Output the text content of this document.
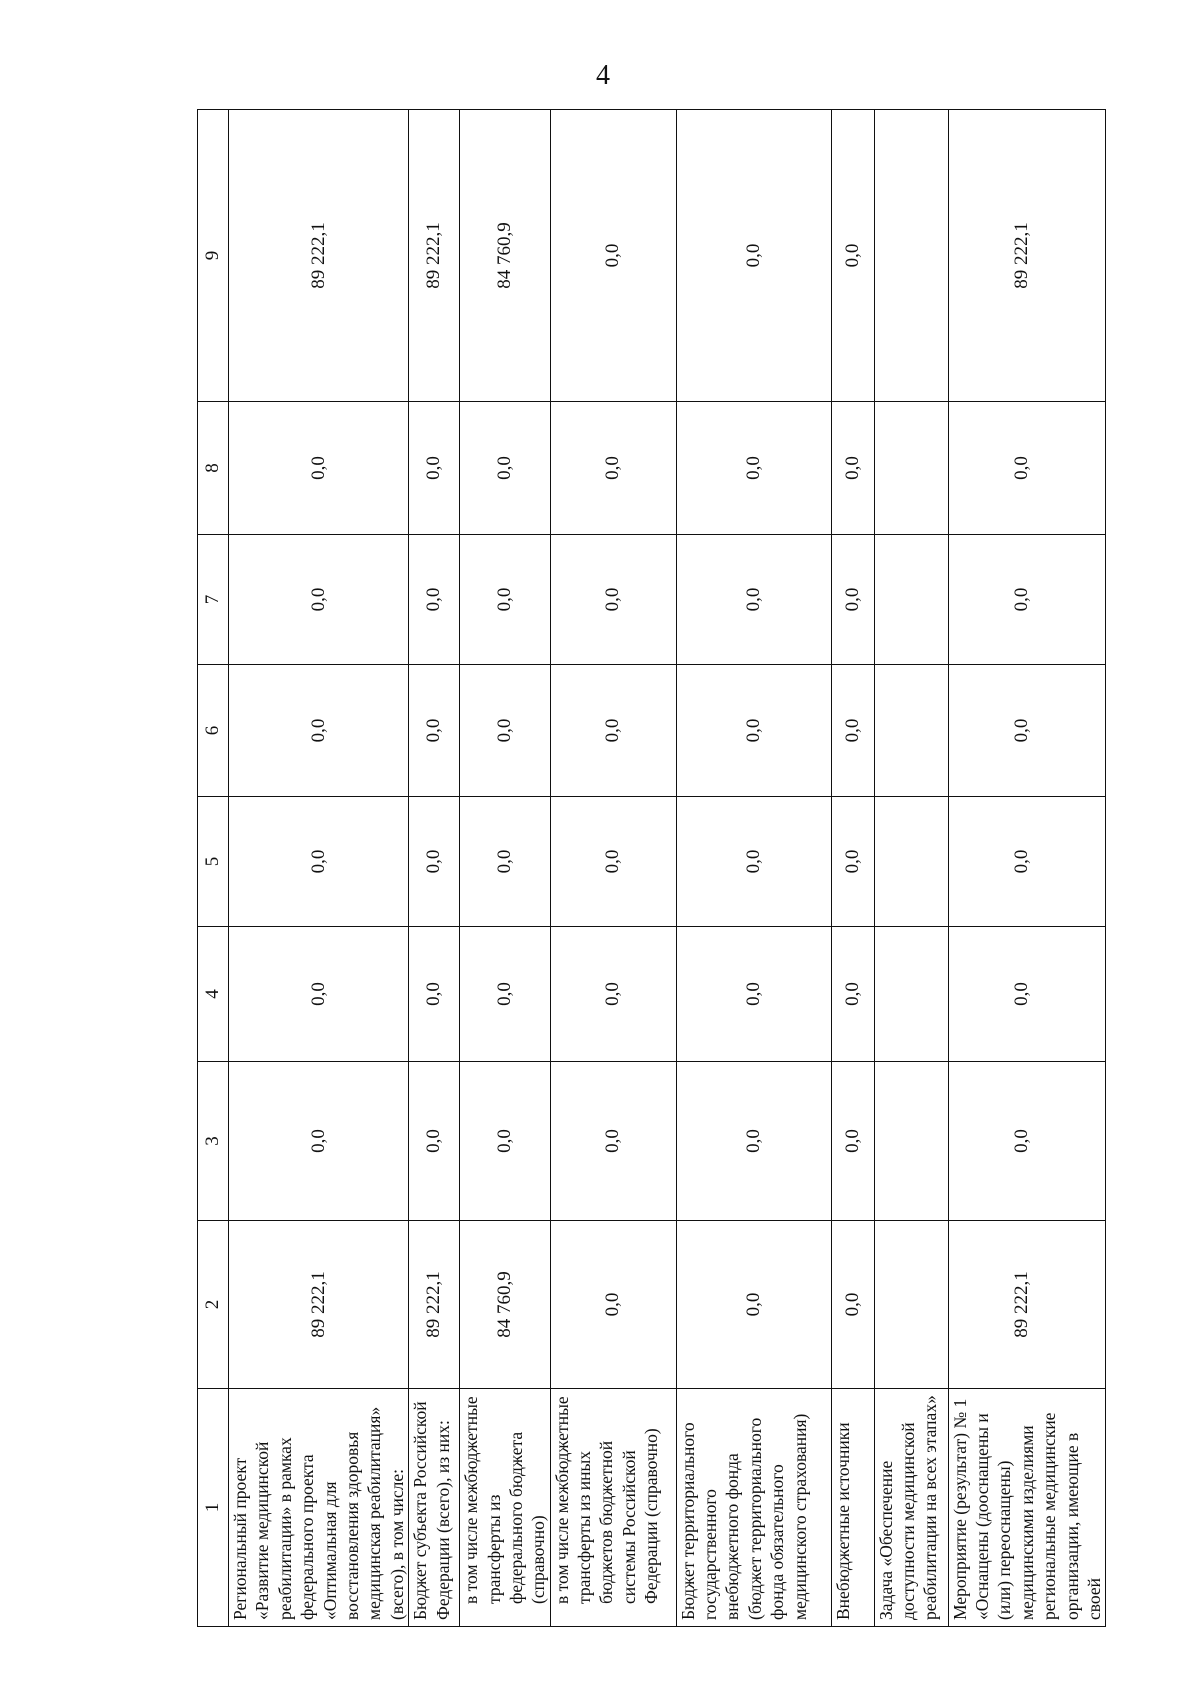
4
1	2	3	4	5	6	7	8	9
Региональный проект «Развитие медицинской реабилитации» в рамках федерального проекта «Оптимальная для восстановления здоровья медицинская реабилитация» (всего), в том числе:	89 222,1	0,0	0,0	0,0	0,0	0,0	0,0	89 222,1
Бюджет субъекта Российской Федерации (всего), из них:	89 222,1	0,0	0,0	0,0	0,0	0,0	0,0	89 222,1
в том числе межбюджетные трансферты из федерального бюджета (справочно)	84 760,9	0,0	0,0	0,0	0,0	0,0	0,0	84 760,9
в том числе межбюджетные трансферты из иных бюджетов бюджетной системы Российской Федерации (справочно)	0,0	0,0	0,0	0,0	0,0	0,0	0,0	0,0
Бюджет территориального государственного внебюджетного фонда (бюджет территориального фонда обязательного медицинского страхования)	0,0	0,0	0,0	0,0	0,0	0,0	0,0	0,0
Внебюджетные источники	0,0	0,0	0,0	0,0	0,0	0,0	0,0	0,0
Задача «Обеспечение доступности медицинской реабилитации на всех этапах»								
Мероприятие (результат) № 1 «Оснащены (дооснащены и (или) переоснащены) медицинскими изделиями региональные медицинские организации, имеющие в своей	89 222,1	0,0	0,0	0,0	0,0	0,0	0,0	89 222,1
